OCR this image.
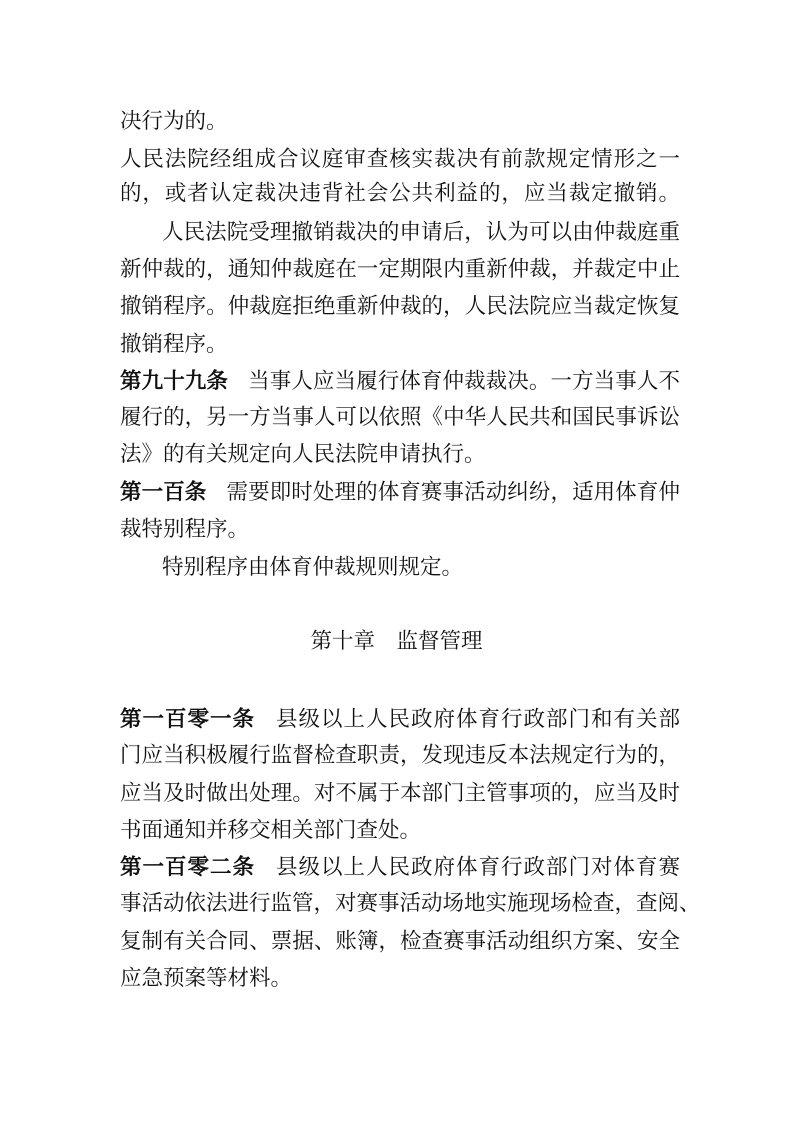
决行为的。
人民法院经组成合议庭审查核实裁决有前款规定情形之一
的，或者认定裁决违背社会公共利益的，应当裁定撤销。
人民法院受理撤销裁决的申请后，认为可以由仲裁庭重
新仲裁的，通知仲裁庭在一定期限内重新仲裁，并裁定中止
撤销程序。仲裁庭拒绝重新仲裁的，人民法院应当裁定恢复
撤销程序。
第九十九条 当事人应当履行体育仲裁裁决。一方当事人不
履行的，另一方当事人可以依照《中华人民共和国民事诉讼
法》的有关规定向人民法院申请执行。
第一百条 需要即时处理的体育赛事活动纠纷，适用体育仲
裁特别程序。
特别程序由体育仲裁规则规定。
第十章　监督管理
第一百零一条 县级以上人民政府体育行政部门和有关部
门应当积极履行监督检查职责，发现违反本法规定行为的，
应当及时做出处理。对不属于本部门主管事项的，应当及时
书面通知并移交相关部门查处。
第一百零二条 县级以上人民政府体育行政部门对体育赛
事活动依法进行监管，对赛事活动场地实施现场检查，查阅、
复制有关合同、票据、账簿，检查赛事活动组织方案、安全
应急预案等材料。
